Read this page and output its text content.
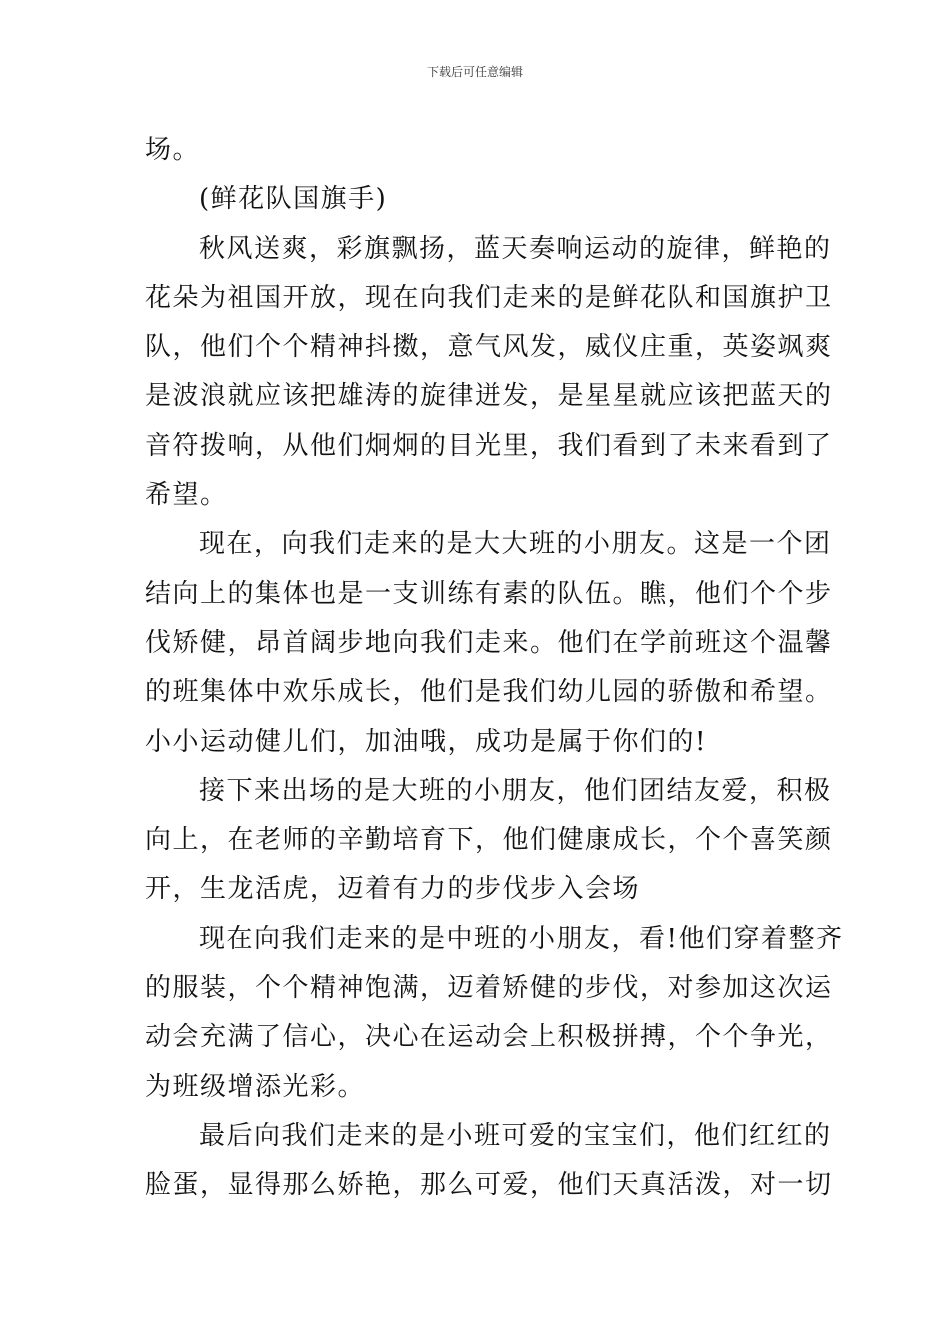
下载后可任意编辑
场。
(鲜花队国旗手)
秋风送爽，彩旗飘扬，蓝天奏响运动的旋律，鲜艳的
花朵为祖国开放，现在向我们走来的是鲜花队和国旗护卫
队，他们个个精神抖擞，意气风发，威仪庄重，英姿飒爽
是波浪就应该把雄涛的旋律迸发，是星星就应该把蓝天的
音符拨响，从他们炯炯的目光里，我们看到了未来看到了
希望。
现在，向我们走来的是大大班的小朋友。这是一个团
结向上的集体也是一支训练有素的队伍。瞧，他们个个步
伐矫健，昂首阔步地向我们走来。他们在学前班这个温馨
的班集体中欢乐成长，他们是我们幼儿园的骄傲和希望。
小小运动健儿们，加油哦，成功是属于你们的!
接下来出场的是大班的小朋友，他们团结友爱，积极
向上，在老师的辛勤培育下，他们健康成长，个个喜笑颜
开，生龙活虎，迈着有力的步伐步入会场
现在向我们走来的是中班的小朋友，看!他们穿着整齐
的服装，个个精神饱满，迈着矫健的步伐，对参加这次运
动会充满了信心，决心在运动会上积极拼搏，个个争光，
为班级增添光彩。
最后向我们走来的是小班可爱的宝宝们，他们红红的
脸蛋，显得那么娇艳，那么可爱，他们天真活泼，对一切
